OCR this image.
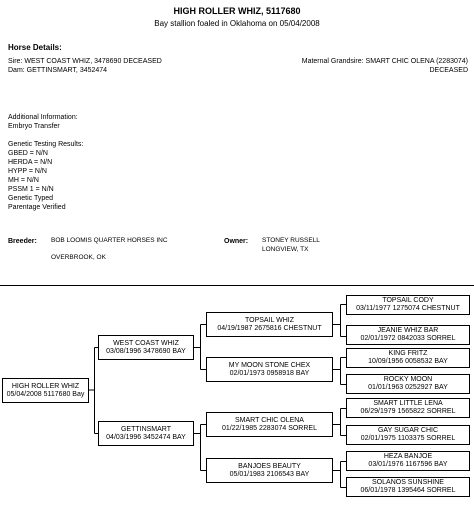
HIGH ROLLER WHIZ, 5117680
Bay stallion foaled in Oklahoma on 05/04/2008
Horse Details:
Sire: WEST COAST WHIZ, 3478690 DECEASED
Dam: GETTINSMART, 3452474
Maternal Grandsire: SMART CHIC OLENA (2283074)
DECEASED
Additional Information:
Embryo Transfer
Genetic Testing Results:
GBED = N/N
HERDA = N/N
HYPP = N/N
MH = N/N
PSSM 1 = N/N
Genetic Typed
Parentage Verified
Breeder: BOB LOOMIS QUARTER HORSES INC
OVERBROOK, OK
Owner: STONEY RUSSELL
LONGVIEW, TX
HIGH ROLLER WHIZ
05/04/2008 5117680 Bay
WEST COAST WHIZ
03/08/1996 3478690 BAY
GETTINSMART
04/03/1996 3452474 BAY
TOPSAIL WHIZ
04/19/1987 2675816 CHESTNUT
MY MOON STONE CHEX
02/01/1973 0958918 BAY
SMART CHIC OLENA
01/22/1985 2283074 SORREL
BANJOES BEAUTY
05/01/1983 2106543 BAY
TOPSAIL CODY
03/11/1977 1275074 CHESTNUT
JEANIE WHIZ BAR
02/01/1972 0842033 SORREL
KING FRITZ
10/09/1956 0058532 BAY
ROCKY MOON
01/01/1963 0252927 BAY
SMART LITTLE LENA
06/29/1979 1565822 SORREL
GAY SUGAR CHIC
02/01/1975 1103375 SORREL
HEZA BANJOE
03/01/1976 1167596 BAY
SOLANOS SUNSHINE
06/01/1978 1395464 SORREL
